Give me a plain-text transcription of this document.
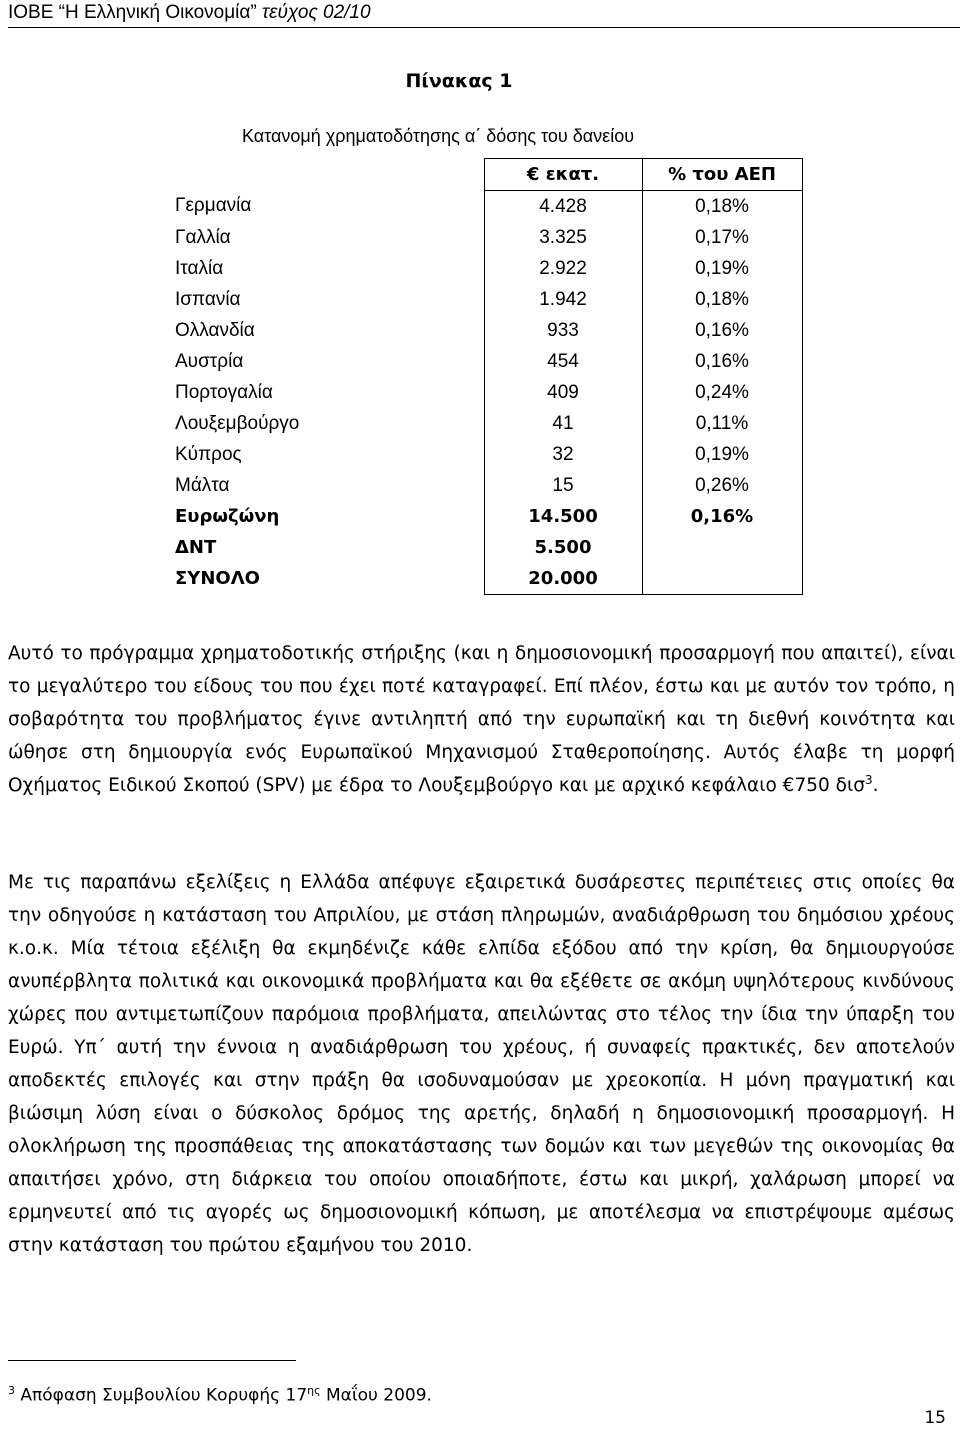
ΙΟΒΕ “Η Ελληνική Οικονομία” τεύχος 02/10
Πίνακας 1
Κατανομή χρηματοδότησης α΄ δόσης του δανείου
	€ εκατ.	% του ΑΕΠ
Γερμανία	4.428	0,18%
Γαλλία	3.325	0,17%
Ιταλία	2.922	0,19%
Ισπανία	1.942	0,18%
Ολλανδία	933	0,16%
Αυστρία	454	0,16%
Πορτογαλία	409	0,24%
Λουξεμβούργο	41	0,11%
Κύπρος	32	0,19%
Μάλτα	15	0,26%
Ευρωζώνη	14.500	0,16%
ΔΝΤ	5.500	
ΣΥΝΟΛΟ	20.000	
Αυτό το πρόγραμμα χρηματοδοτικής στήριξης (και η δημοσιονομική προσαρμογή που απαιτεί), είναι το μεγαλύτερο του είδους του που έχει ποτέ καταγραφεί. Επί πλέον, έστω και με αυτόν τον τρόπο, η σοβαρότητα του προβλήματος έγινε αντιληπτή από την ευρωπαϊκή και τη διεθνή κοινότητα και ώθησε στη δημιουργία ενός Ευρωπαϊκού Μηχανισμού Σταθεροποίησης. Αυτός έλαβε τη μορφή Οχήματος Ειδικού Σκοπού (SPV) με έδρα το Λουξεμβούργο και με αρχικό κεφάλαιο €750 δισ$^3$.
Με τις παραπάνω εξελίξεις η Ελλάδα απέφυγε εξαιρετικά δυσάρεστες περιπέτειες στις οποίες θα την οδηγούσε η κατάσταση του Απριλίου, με στάση πληρωμών, αναδιάρθρωση του δημόσιου χρέους κ.ο.κ. Μία τέτοια εξέλιξη θα εκμηδένιζε κάθε ελπίδα εξόδου από την κρίση, θα δημιουργούσε ανυπέρβλητα πολιτικά και οικονομικά προβλήματα και θα εξέθετε σε ακόμη υψηλότερους κινδύνους χώρες που αντιμετωπίζουν παρόμοια προβλήματα, απειλώντας στο τέλος την ίδια την ύπαρξη του Ευρώ. Υπ΄ αυτή την έννοια η αναδιάρθρωση του χρέους, ή συναφείς πρακτικές, δεν αποτελούν αποδεκτές επιλογές και στην πράξη θα ισοδυναμούσαν με χρεοκοπία. Η μόνη πραγματική και βιώσιμη λύση είναι ο δύσκολος δρόμος της αρετής, δηλαδή η δημοσιονομική προσαρμογή. Η ολοκλήρωση της προσπάθειας της αποκατάστασης των δομών και των μεγεθών της οικονομίας θα απαιτήσει χρόνο, στη διάρκεια του οποίου οποιαδήποτε, έστω και μικρή, χαλάρωση μπορεί να ερμηνευτεί από τις αγορές ως δημοσιονομική κόπωση, με αποτέλεσμα να επιστρέψουμε αμέσως στην κατάσταση του πρώτου εξαμήνου του 2010.
$^3$ Απόφαση Συμβουλίου Κορυφής $17^{\eta\varsigma}$ Μαΐου 2009.
15
